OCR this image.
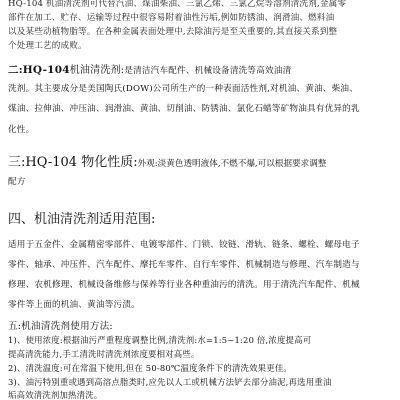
HQ-104 机油清洗剂可代替汽油、煤油柴油、三氯乙烯、三氯乙烷等溶剂清洗剂,金属零
部件在加工、贮存、运输等过程中很容易附着油性污垢,例如防锈油、润滑油、燃料油
以及某些动植物脂等。在各种金属表面处理中,去除油污是至关重要的,其直接关系到整
个处理工艺的成败。
二:HQ-104机油清洗剂:是清洁汽车配件、机械设备清洗等高效油清
洗剂。其主要成分是美国陶氏(DOW)公司所生产的一种表面活性剂,对机油、黄油、柴油、
煤油、拉伸油、冲压油、润滑油、黄油、切削油、防锈油、氯化石蜡等矿物油具有优异的乳
化性。
三:HQ-104 物化性质:外观:淡黄色透明液体,不燃不爆,可以根据要求调整
配方
四、机油清洗剂适用范围:
适用于五金件、金属精密零部件、电镀零部件、门锁、铰链、滑轨、链条、螺栓、螺母电子
零件、轴承、冲压件、汽车配件、摩托车零件、自行车零件、机械制造与修理、汽车制造与
修理、农机修理、机械设备维修与保养等行业各种重油污的清洗。用于清洗汽车配件、机械
零件等上面的机油、黄油等污渍。
五:机油清洗剂使用方法:
1)、使用浓度:根据油污严重程度调整比例,清洗剂:水=1:5~1:20 倍,浓度提高可
提高清洗能力,手工清洗时清洗剂浓度要相对高些。
2)、清洗温度:可在常温下使用,但在 50-80℃温度条件下的清洗效果更佳。
3)、油污特别重或遇到高溶点脂类时,应先以人工或机械方法铲去部分油泥,再选用重油
垢高效清洗剂加热清洗。
